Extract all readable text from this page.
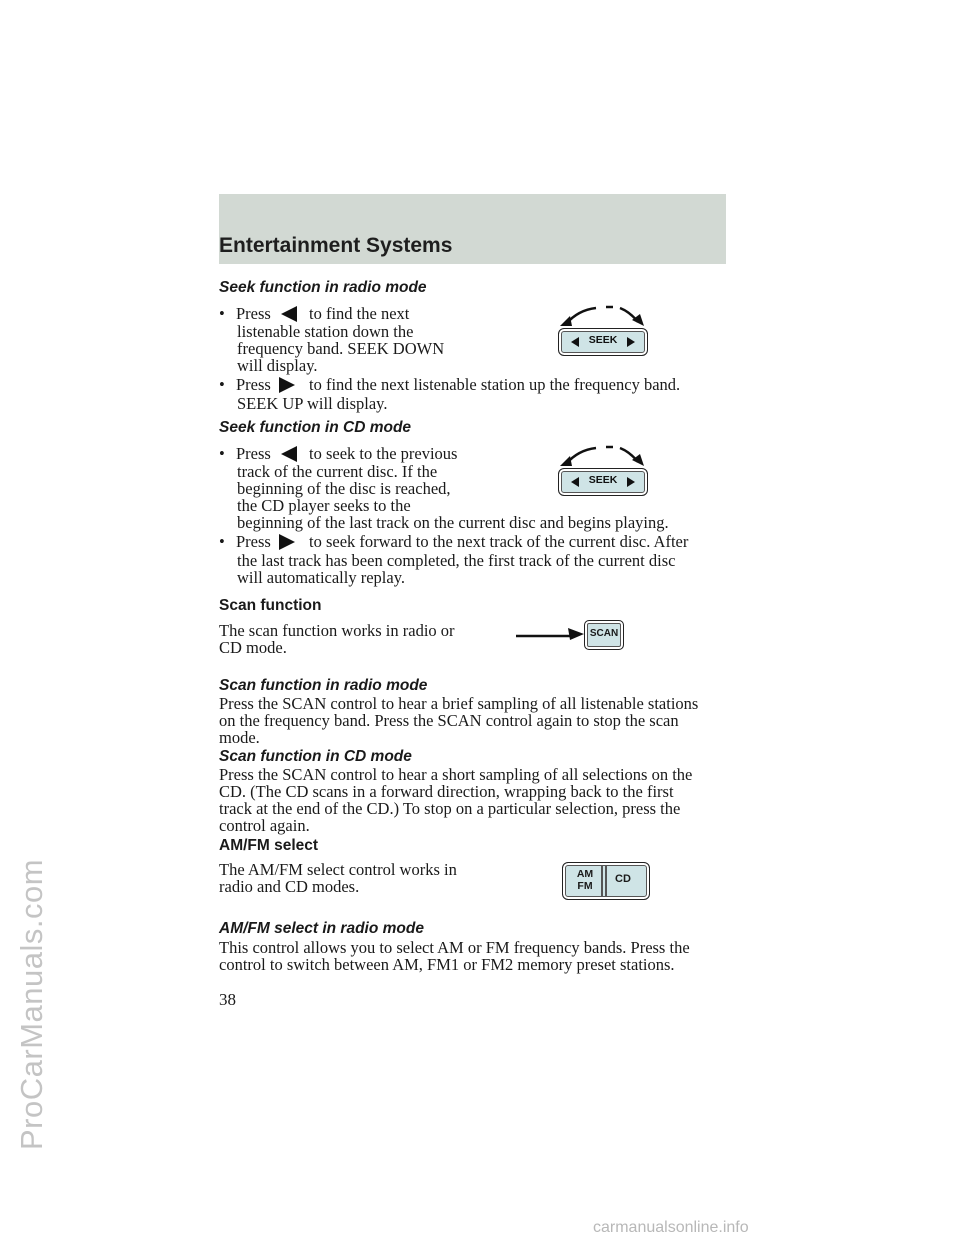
ProCarManuals.com
Entertainment Systems
Seek function in radio mode
• Press to find the next
listenable station down the
frequency band. SEEK DOWN
will display.
• Press to find the next listenable station up the frequency band.
SEEK UP will display.
SEEK
Seek function in CD mode
• Press to seek to the previous
track of the current disc. If the
beginning of the disc is reached,
the CD player seeks to the
beginning of the last track on the current disc and begins playing.
• Press to seek forward to the next track of the current disc. After
the last track has been completed, the first track of the current disc
will automatically replay.
SEEK
Scan function
The scan function works in radio or
CD mode.
SCAN
Scan function in radio mode
Press the SCAN control to hear a brief sampling of all listenable stations
on the frequency band. Press the SCAN control again to stop the scan
mode.
Scan function in CD mode
Press the SCAN control to hear a short sampling of all selections on the
CD. (The CD scans in a forward direction, wrapping back to the first
track at the end of the CD.) To stop on a particular selection, press the
control again.
AM/FM select
The AM/FM select control works in
radio and CD modes.
AM
FM
CD
AM/FM select in radio mode
This control allows you to select AM or FM frequency bands. Press the
control to switch between AM, FM1 or FM2 memory preset stations.
38
carmanualsonline.info
